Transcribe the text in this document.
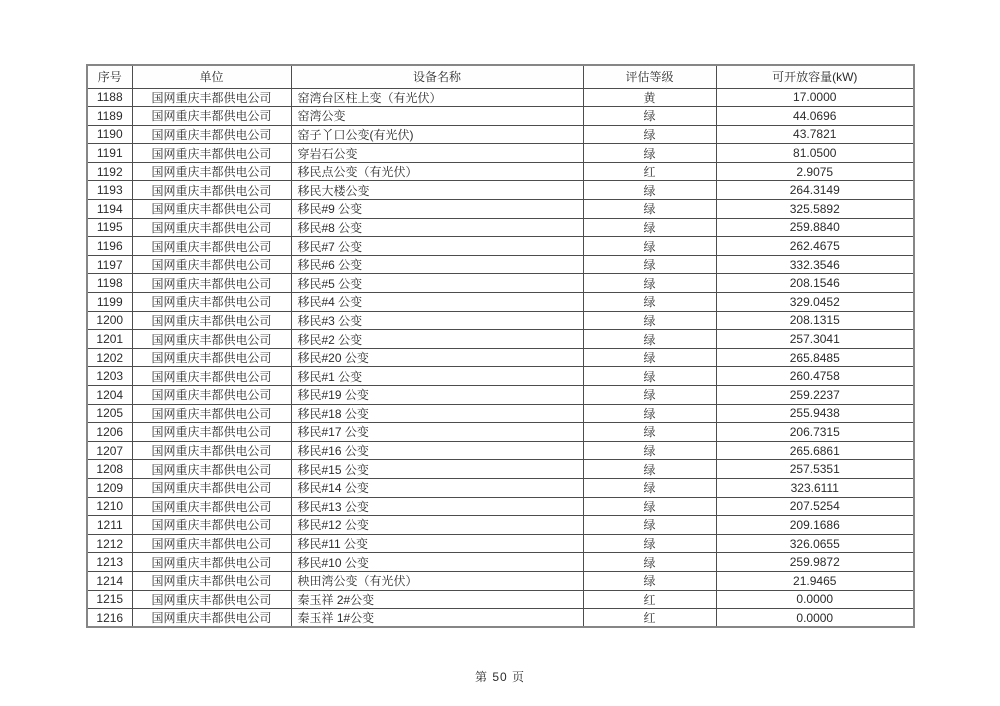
序号	单位	设备名称	评估等级	可开放容量(kW)
1188	国网重庆丰都供电公司	窑湾台区柱上变（有光伏）	黄	17.0000
1189	国网重庆丰都供电公司	窑湾公变	绿	44.0696
1190	国网重庆丰都供电公司	窑子丫口公变(有光伏)	绿	43.7821
1191	国网重庆丰都供电公司	穿岩石公变	绿	81.0500
1192	国网重庆丰都供电公司	移民点公变（有光伏）	红	2.9075
1193	国网重庆丰都供电公司	移民大楼公变	绿	264.3149
1194	国网重庆丰都供电公司	移民#9 公变	绿	325.5892
1195	国网重庆丰都供电公司	移民#8 公变	绿	259.8840
1196	国网重庆丰都供电公司	移民#7 公变	绿	262.4675
1197	国网重庆丰都供电公司	移民#6 公变	绿	332.3546
1198	国网重庆丰都供电公司	移民#5 公变	绿	208.1546
1199	国网重庆丰都供电公司	移民#4 公变	绿	329.0452
1200	国网重庆丰都供电公司	移民#3 公变	绿	208.1315
1201	国网重庆丰都供电公司	移民#2 公变	绿	257.3041
1202	国网重庆丰都供电公司	移民#20 公变	绿	265.8485
1203	国网重庆丰都供电公司	移民#1 公变	绿	260.4758
1204	国网重庆丰都供电公司	移民#19 公变	绿	259.2237
1205	国网重庆丰都供电公司	移民#18 公变	绿	255.9438
1206	国网重庆丰都供电公司	移民#17 公变	绿	206.7315
1207	国网重庆丰都供电公司	移民#16 公变	绿	265.6861
1208	国网重庆丰都供电公司	移民#15 公变	绿	257.5351
1209	国网重庆丰都供电公司	移民#14 公变	绿	323.6111
1210	国网重庆丰都供电公司	移民#13 公变	绿	207.5254
1211	国网重庆丰都供电公司	移民#12 公变	绿	209.1686
1212	国网重庆丰都供电公司	移民#11 公变	绿	326.0655
1213	国网重庆丰都供电公司	移民#10 公变	绿	259.9872
1214	国网重庆丰都供电公司	秧田湾公变（有光伏）	绿	21.9465
1215	国网重庆丰都供电公司	秦玉祥 2#公变	红	0.0000
1216	国网重庆丰都供电公司	秦玉祥 1#公变	红	0.0000
第 50 页
